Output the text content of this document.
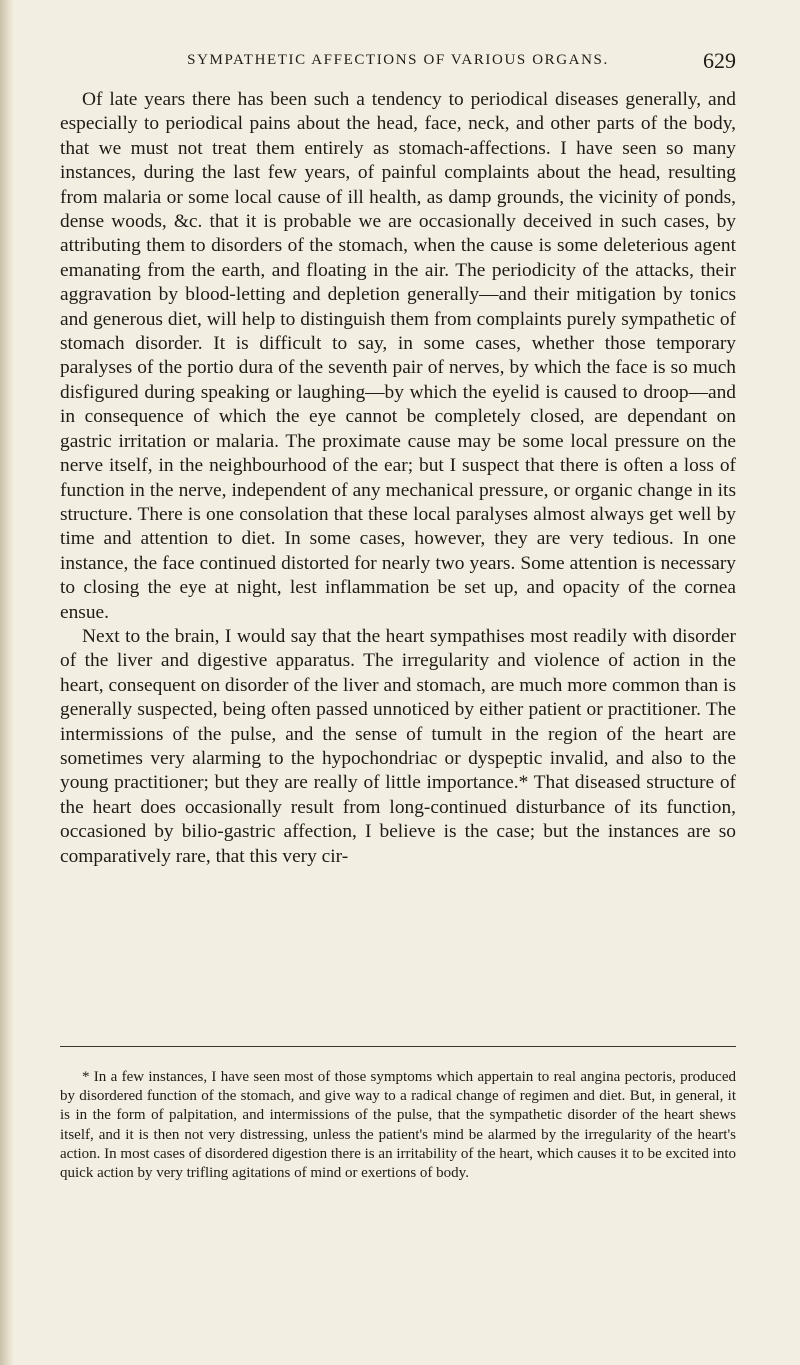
SYMPATHETIC AFFECTIONS OF VARIOUS ORGANS.	629

Of late years there has been such a tendency to periodical diseases generally, and especially to periodical pains about the head, face, neck, and other parts of the body, that we must not treat them entirely as stomach-affections. I have seen so many instances, during the last few years, of painful complaints about the head, resulting from malaria or some local cause of ill health, as damp grounds, the vicinity of ponds, dense woods, &c. that it is probable we are occasionally deceived in such cases, by attributing them to disorders of the stomach, when the cause is some deleterious agent emanating from the earth, and floating in the air. The periodicity of the attacks, their aggravation by blood-letting and depletion generally—and their mitigation by tonics and generous diet, will help to distinguish them from complaints purely sympathetic of stomach disorder. It is difficult to say, in some cases, whether those temporary paralyses of the portio dura of the seventh pair of nerves, by which the face is so much disfigured during speaking or laughing—by which the eyelid is caused to droop—and in consequence of which the eye cannot be completely closed, are dependant on gastric irritation or malaria. The proximate cause may be some local pressure on the nerve itself, in the neighbourhood of the ear; but I suspect that there is often a loss of function in the nerve, independent of any mechanical pressure, or organic change in its structure. There is one consolation that these local paralyses almost always get well by time and attention to diet. In some cases, however, they are very tedious. In one instance, the face continued distorted for nearly two years. Some attention is necessary to closing the eye at night, lest inflammation be set up, and opacity of the cornea ensue.

Next to the brain, I would say that the heart sympathises most readily with disorder of the liver and digestive apparatus. The irregularity and violence of action in the heart, consequent on disorder of the liver and stomach, are much more common than is generally suspected, being often passed unnoticed by either patient or practitioner. The intermissions of the pulse, and the sense of tumult in the region of the heart are sometimes very alarming to the hypochondriac or dyspeptic invalid, and also to the young practitioner; but they are really of little importance.* That diseased structure of the heart does occasionally result from long-continued disturbance of its function, occasioned by bilio-gastric affection, I believe is the case; but the instances are so comparatively rare, that this very cir-

* In a few instances, I have seen most of those symptoms which appertain to real angina pectoris, produced by disordered function of the stomach, and give way to a radical change of regimen and diet. But, in general, it is in the form of palpitation, and intermissions of the pulse, that the sympathetic disorder of the heart shews itself, and it is then not very distressing, unless the patient's mind be alarmed by the irregularity of the heart's action. In most cases of disordered digestion there is an irritability of the heart, which causes it to be excited into quick action by very trifling agitations of mind or exertions of body.
